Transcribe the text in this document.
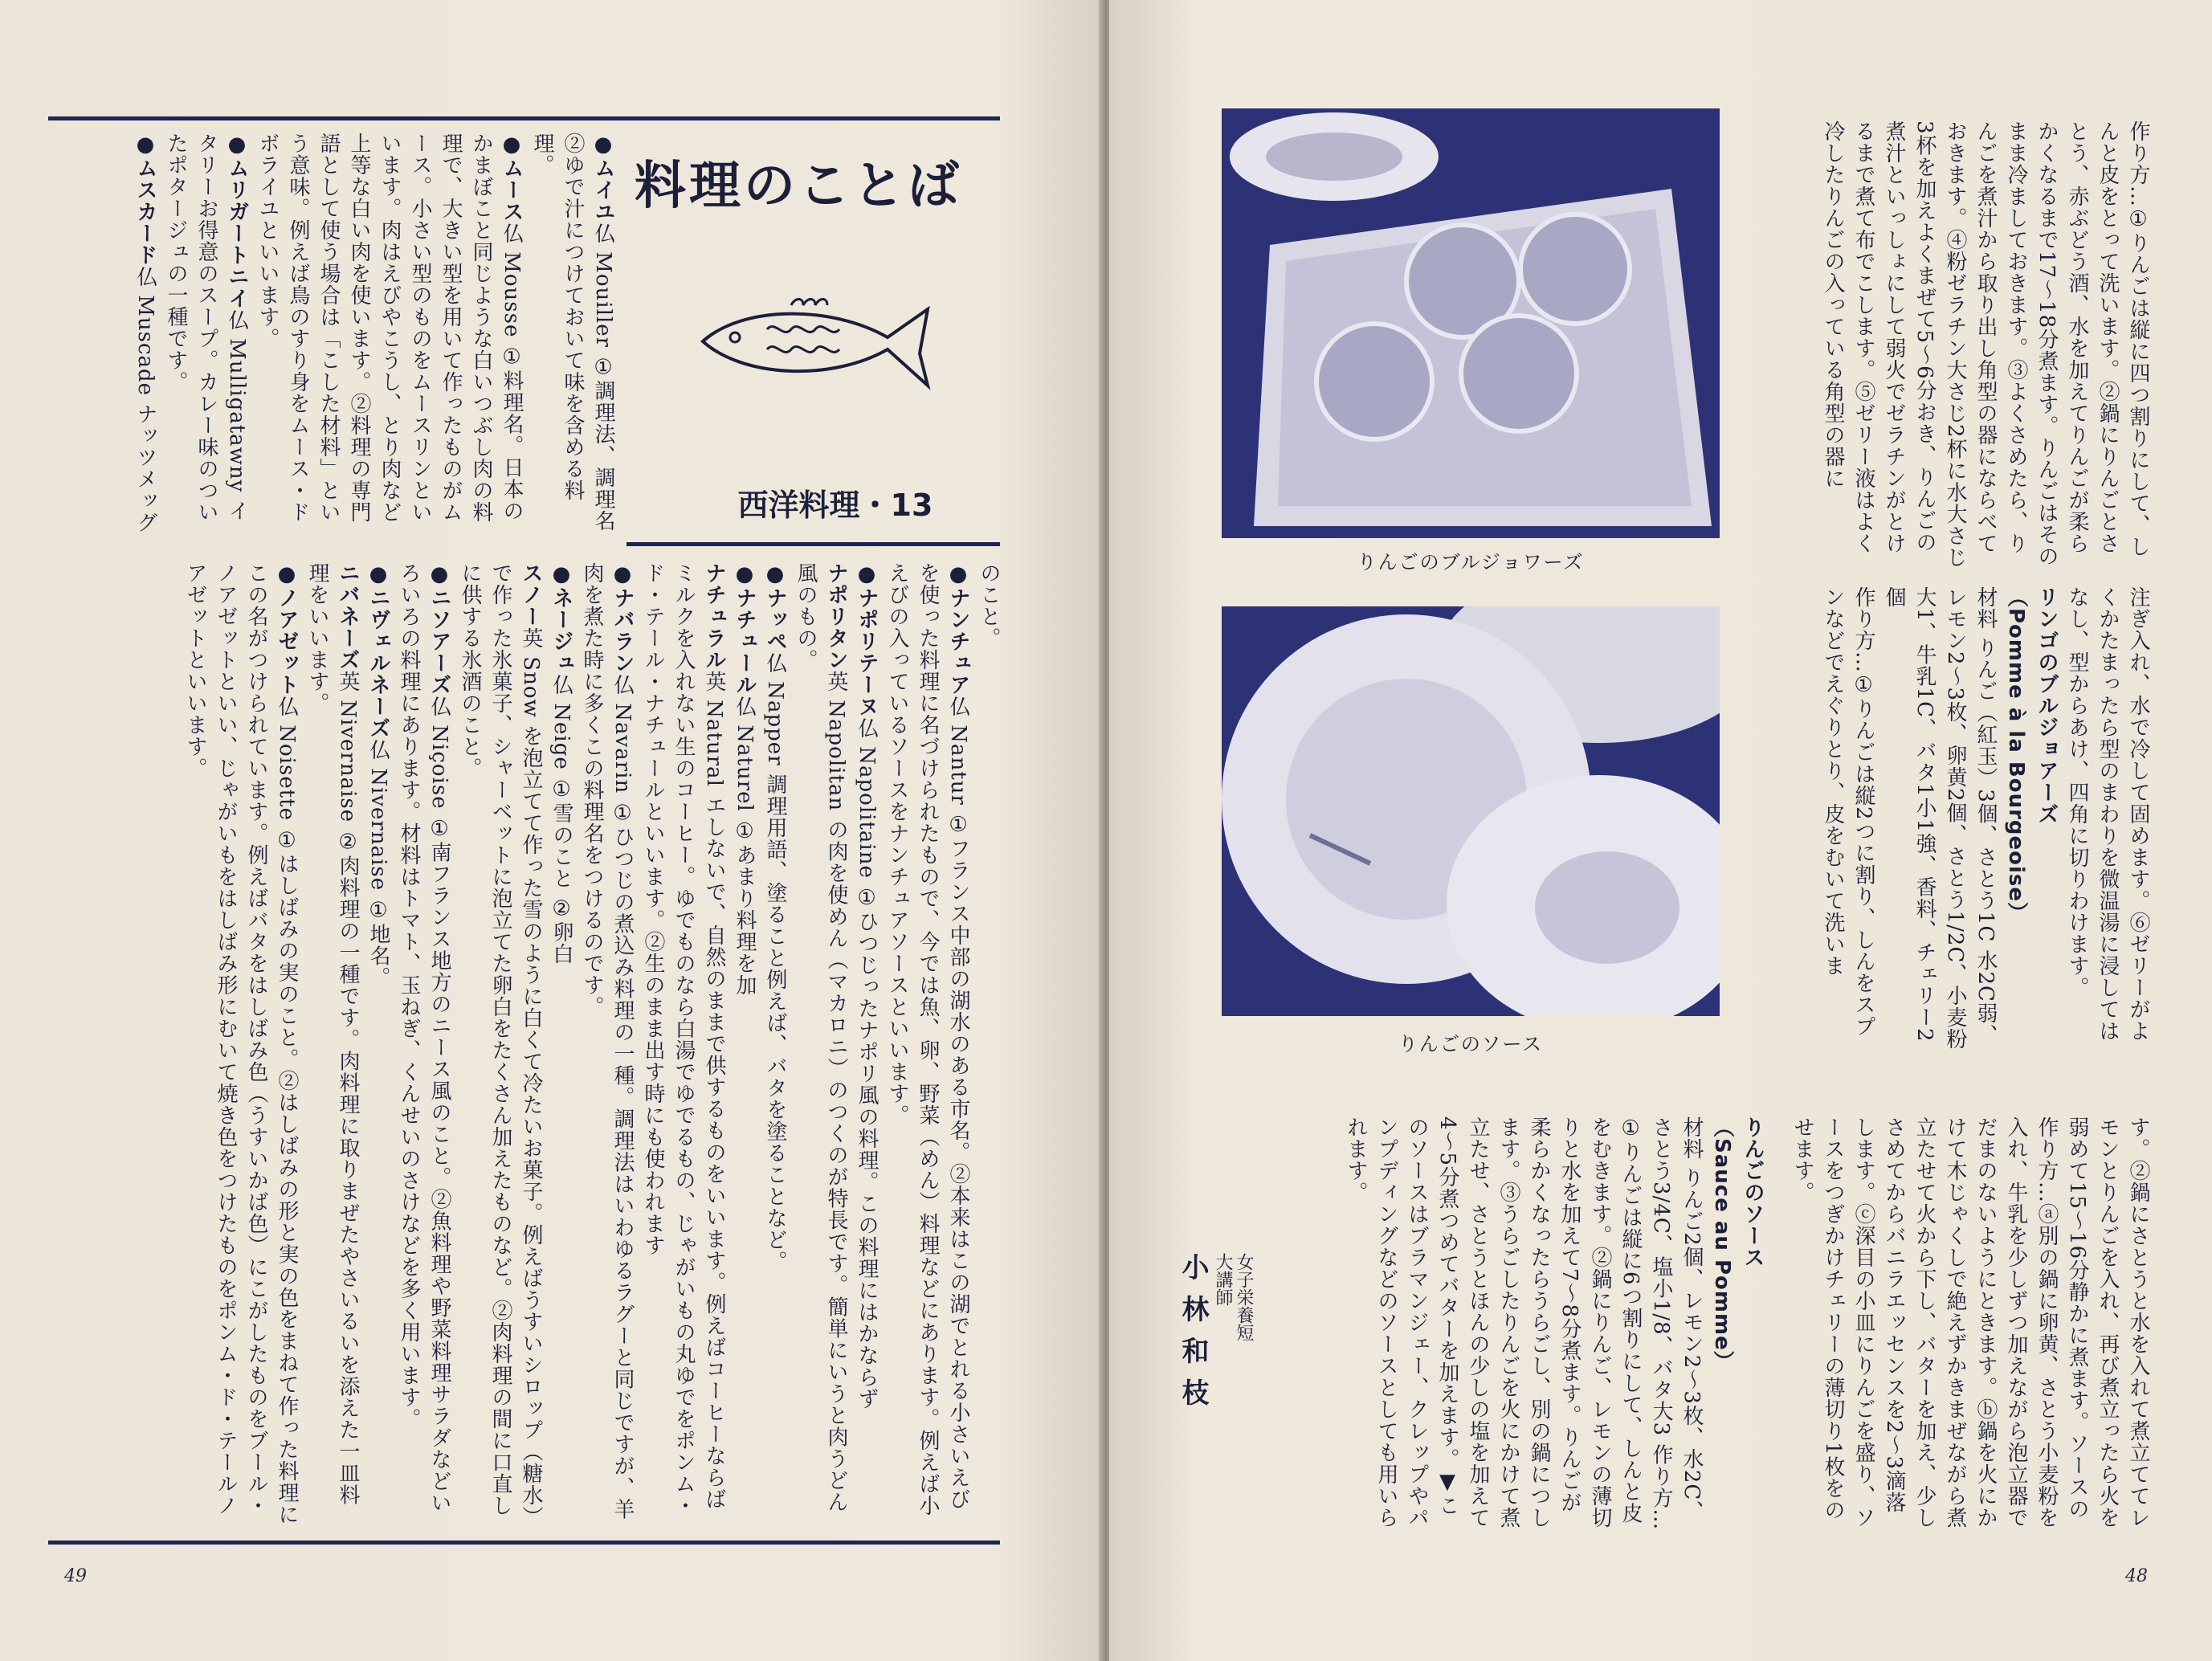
料理のことば
西洋料理・13

●ムイユ仏 Mouiller ①調理法、調理名②ゆで汁につけておいて味を含める料理。

●ムース仏 Mousse ①料理名。日本のかまぼこと同じような白いつぶし肉の料理で、大きい型を用いて作ったものがムース。小さい型のものをムースリンといいます。肉はえびやこうし、とり肉など上等な白い肉を使います。②料理の専門語として使う場合は「こした材料」という意味。例えば鳥のすり身をムース・ドボライユといいます。

●ムリガートニイ仏 Mulligatawny イタリーお得意のスープ。カレー味のついたポタージュの一種です。

●ムスカード仏 Muscade ナッツメッグ

のこと。

●ナンチュア仏 Nantur ①フランス中部の湖水のある市名。②本来はこの湖でとれる小さいえびを使った料理に名づけられたもので、今では魚、卵、野菜（めん）料理などにあります。例えば小えびの入っているソースをナンチュアソースといいます。

●ナポリテーヌ仏 Napolitaine ①ひつじったナポリ風の料理。この料理にはかならず

ナポリタン英 Napolitan の肉を使めん（マカロニ）のつくのが特長です。簡単にいうと肉うどん風のもの。

●ナッペ仏 Napper 調理用語、塗ること例えば、バタを塗ることなど。

●ナチュール仏 Naturel ①あまり料理を加

ナチュラル英 Natural エしないで、自然のままで供するものをいいます。例えばコーヒーならばミルクを入れない生のコーヒー。ゆでものなら白湯でゆでるもの、じゃがいもの丸ゆでをポンム・ド・テール・ナチュールといいます。②生のまま出す時にも使われます

●ナバラン仏 Navarin ①ひつじの煮込み料理の一種。調理法はいわゆるラグーと同じですが、羊肉を煮た時に多くこの料理名をつけるのです。

●ネージュ仏 Neige ①雪のこと ②卵白

スノー英 Snow を泡立てて作った雪のように白くて冷たいお菓子。例えばうすいシロップ（糖水）で作った氷菓子、シャーベットに泡立てた卵白をたくさん加えたものなど。②肉料理の間に口直しに供する氷酒のこと。

●ニソアーズ仏 Niçoise ①南フランス地方のニース風のこと。②魚料理や野菜料理サラダなどいろいろの料理にあります。材料はトマト、玉ねぎ、くんせいのさけなどを多く用います。

●ニヴェルネーズ仏 Nivernaise ①地名。

ニバネーズ英 Nivernaise ②肉料理の一種です。肉料理に取りまぜたやさいるいを添えた一皿料理をいいます。

●ノアゼット仏 Noisette ①はしばみの実のこと。②はしばみの形と実の色をまねて作った料理にこの名がつけられています。例えばバタをはしばみ色（うすいかば色）にこがしたものをブール・ノアゼットといい、じゃがいもをはしばみ形にむいて焼き色をつけたものをポンム・ド・テールノアゼットといいます。

49
りんごのブルジョワーズ
りんごのソース
作り方…①りんごは縦に四つ割りにして、しんと皮をとって洗います。②鍋にりんごとさとう、赤ぶどう酒、水を加えてりんごが柔らかくなるまで17～18分煮ます。りんごはそのまま冷ましておきます。③よくさめたら、りんごを煮汁から取り出し角型の器にならべておきます。④粉ゼラチン大さじ2杯に水大さじ3杯を加えよくまぜて5～6分おき、りんごの煮汁といっしょにして弱火でゼラチンがとけるまで煮て布でこします。⑤ゼリー液はよく冷したりんごの入っている角型の器に

注ぎ入れ、水で冷して固めます。⑥ゼリーがよくかたまったら型のまわりを微温湯に浸してはなし、型からあけ、四角に切りわけます。

リンゴのブルジョアーズ

（Pomme à la Bourgeoise）

材料 りんご（紅玉）3個、さとう1C 水2C弱、レモン2～3枚、卵黄2個、さとう1/2C、小麦粉大1、牛乳1C、バタ1小1強、香料、チェリー2個

作り方…①りんごは縦2つに割り、しんをスプンなどでえぐりとり、皮をむいて洗いま

す。②鍋にさとうと水を入れて煮立ててレモンとりんごを入れ、再び煮立ったら火を弱めて15～16分静かに煮ます。ソースの作り方…ⓐ別の鍋に卵黄、さとう小麦粉を入れ、牛乳を少しずつ加えながら泡立器でだまのないようにときます。ⓑ鍋を火にかけて木じゃくしで絶えずかきまぜながら煮立たせて火から下し、バターを加え、少しさめてからバニラエッセンスを2～3滴落します。ⓒ深目の小皿にりんごを盛り、ソースをつぎかけチェリーの薄切り1枚をのせます。

りんごのソース

（Sauce au Pomme）

材料 りんご2個、レモン2～3枚、水2C、さとう3/4C、塩小1/8、バタ大3 作り方…①りんごは縦に6つ割りにして、しんと皮をむきます。②鍋にりんご、レモンの薄切りと水を加えて7～8分煮ます。りんごが柔らかくなったらうらごし、別の鍋につします。③うらごしたりんごを火にかけて煮立たせ、さとうとほんの少しの塩を加えて4～5分煮つめてバターを加えます。▼このソースはブラマンジェー、クレップやパンプディングなどのソースとしても用いられます。

女子栄養短大講師
小林和枝
48
